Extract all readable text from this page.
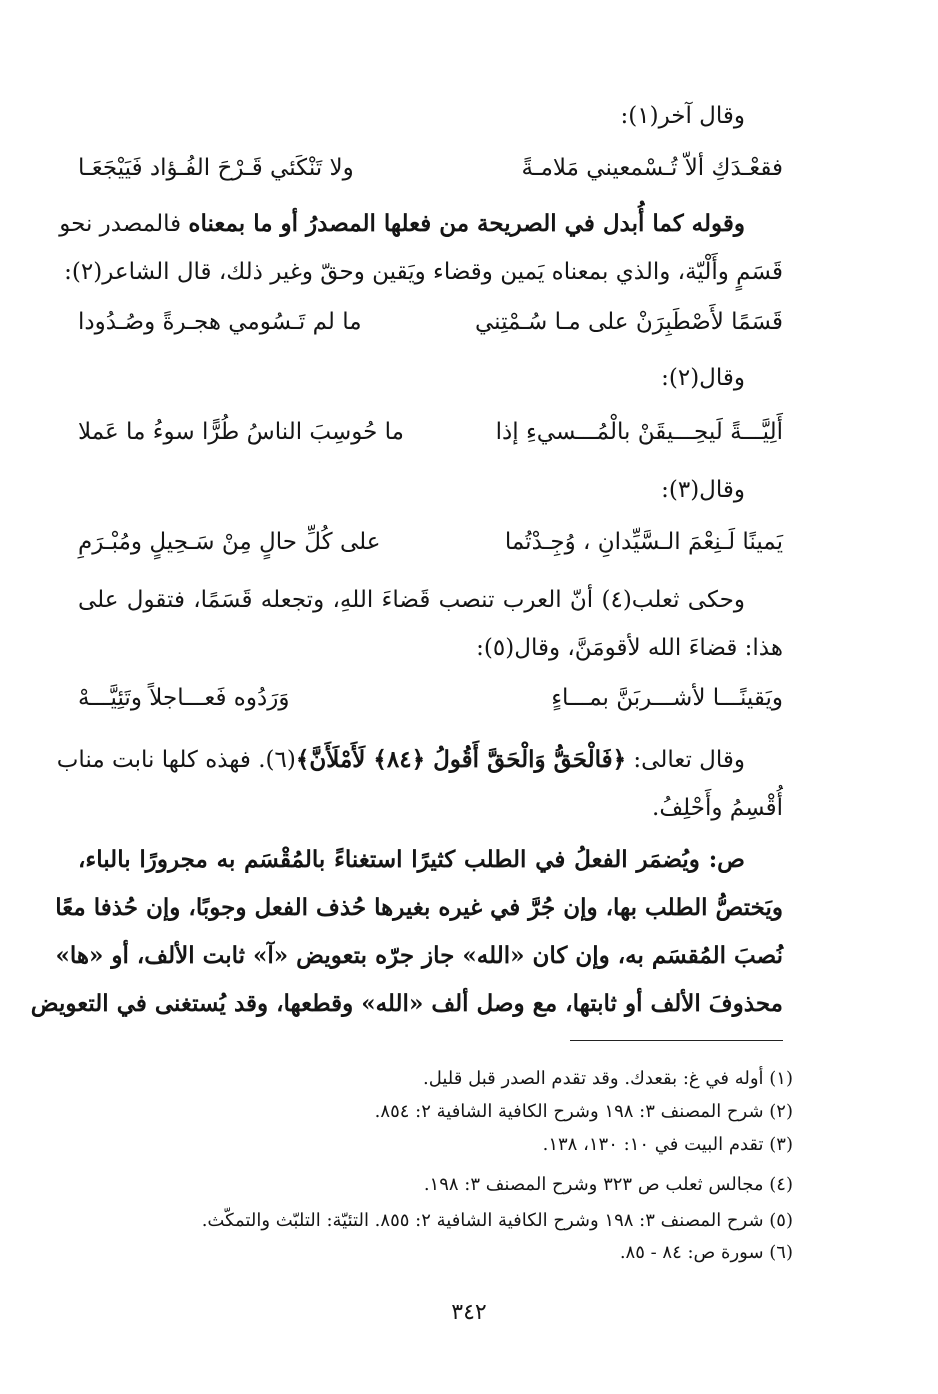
وقال آخر(١):
فقعْـدَكِ ألاّ تُـسْمعيني مَلامـةً
ولا تَنْكَئي قَـرْحَ الفُـؤاد فَيَيْجَعَـا
وقوله كما أُبدل في الصريحة من فعلها المصدرُ أو ما بمعناه فالمصدر نحو
قَسَمٍ وأَلْيّة، والذي بمعناه يَمين وقضاء ويَقين وحقّ وغير ذلك، قال الشاعر(٢):
قَسَمًا لأَصْطَبِرَنْ على مـا سُـمْتِني
ما لم تَـسُومي هجـرةً وصُـدُودا
وقال(٢):
أَلِيَّـــةً لَيحِـــيقَنْ بالْمُـــسيءِ إذا
ما حُوسِبَ الناسُ طُرًّا سوءُ ما عَملا
وقال(٣):
يَمينًا لَـنِعْمَ الـسَّيِّدانِ ، وُجِـدْتُما
على كُلِّ حالٍ مِنْ سَـحِيلٍ ومُبْـرَمِ
وحكى ثعلب(٤) أنّ العرب تنصب قَضاءَ اللهِ، وتجعله قَسَمًا، فتقول على
هذا: قضاءَ الله لأقومَنَّ، وقال(٥):
ويَقينًـــا لأشـــربَنَّ بمـــاءٍ
وَرَدُوه فَعـــاجلاً وتَئِيَّـــهْ
وقال تعالى: ﴿فَالْحَقُّ وَالْحَقَّ أَقُولُ ﴿٨٤﴾ لَأَمْلَأَنَّ﴾(٦). فهذه كلها نابت مناب
أُقْسِمُ وأَحْلِفُ.
ص: ويُضمَر الفعلُ في الطلب كثيرًا استغناءً بالمُقْسَم به مجرورًا بالباء،
ويَختصُّ الطلب بها، وإن جُرَّ في غيره بغيرها حُذف الفعل وجوبًا، وإن حُذفا معًا
نُصبَ المُقسَم به، وإن كان «الله» جاز جرّه بتعويض «آ» ثابت الألف، أو «ها»
محذوفَ الألف أو ثابتها، مع وصل ألف «الله» وقطعها، وقد يُستغنى في التعويض
(١) أوله في غ: بقعدك. وقد تقدم الصدر قبل قليل.
(٢) شرح المصنف ٣: ١٩٨ وشرح الكافية الشافية ٢: ٨٥٤.
(٣) تقدم البيت في ١٠: ١٣٠، ١٣٨.
(٤) مجالس ثعلب ص ٣٢٣ وشرح المصنف ٣: ١٩٨.
(٥) شرح المصنف ٣: ١٩٨ وشرح الكافية الشافية ٢: ٨٥٥. التئيّة: التلبّث والتمكّث.
(٦) سورة ص: ٨٤ - ٨٥.
٣٤٢
